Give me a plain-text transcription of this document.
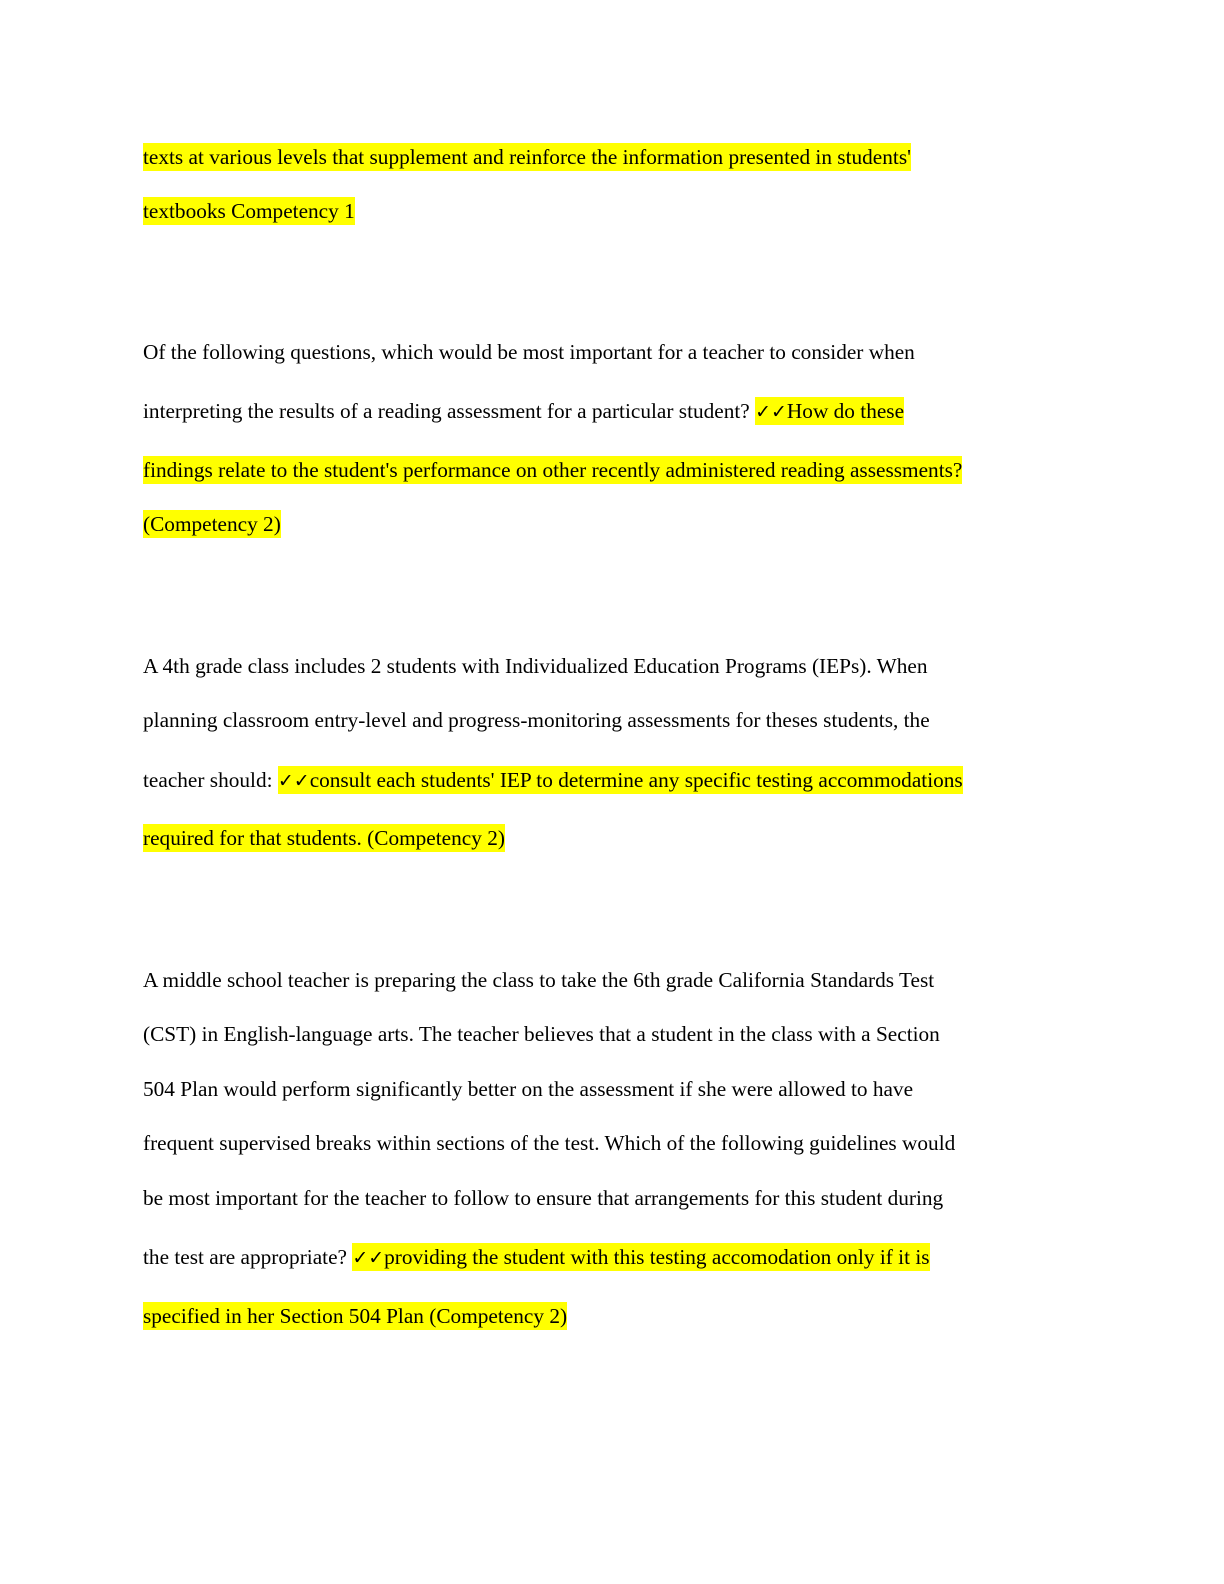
texts at various levels that supplement and reinforce the information presented in students'
textbooks Competency 1
Of the following questions, which would be most important for a teacher to consider when
interpreting the results of a reading assessment for a particular student? ✓✓How do these
findings relate to the student's performance on other recently administered reading assessments?
(Competency 2)
A 4th grade class includes 2 students with Individualized Education Programs (IEPs). When
planning classroom entry-level and progress-monitoring assessments for theses students, the
teacher should: ✓✓consult each students' IEP to determine any specific testing accommodations
required for that students. (Competency 2)
A middle school teacher is preparing the class to take the 6th grade California Standards Test
(CST) in English-language arts. The teacher believes that a student in the class with a Section
504 Plan would perform significantly better on the assessment if she were allowed to have
frequent supervised breaks within sections of the test. Which of the following guidelines would
be most important for the teacher to follow to ensure that arrangements for this student during
the test are appropriate? ✓✓providing the student with this testing accomodation only if it is
specified in her Section 504 Plan (Competency 2)
